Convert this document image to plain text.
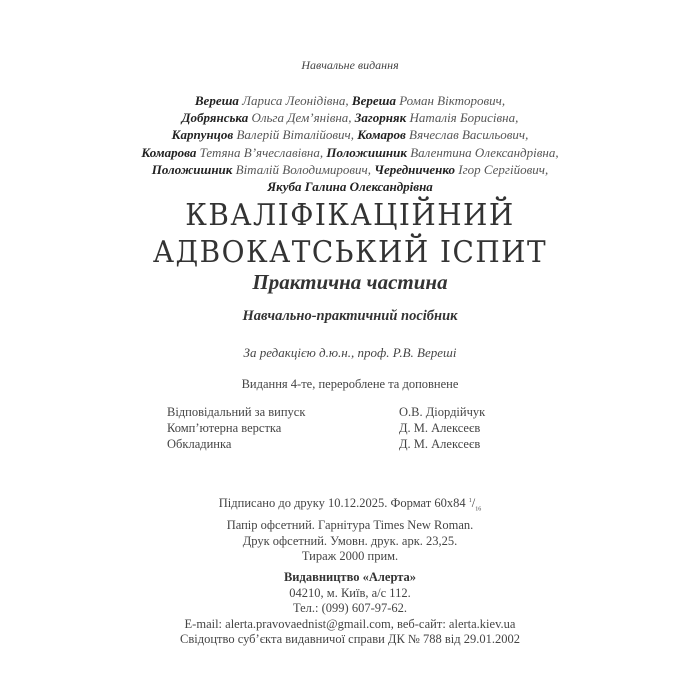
Навчальне видання
Вереша Лариса Леонідівна, Вереша Роман Вікторович,
Добрянська Ольга Дем’янівна, Загорняк Наталія Борисівна,
Карпунцов Валерій Віталійович, Комаров Вячеслав Васильович,
Комарова Тетяна В’ячеславівна, Положишник Валентина Олександрівна,
Положишник Віталій Володимирович, Чередниченко Ігор Сергійович,
Якуба Галина Олександрівна
КВАЛІФІКАЦІЙНИЙ
АДВОКАТСЬКИЙ ІСПИТ
Практична частина
Навчально-практичний посібник
За редакцією д.ю.н., проф. Р.В. Вереші
Видання 4-те, перероблене та доповнене
Відповідальний за випуск	О.В. Діордійчук
Комп’ютерна верстка	Д. М. Алексеєв
Обкладинка	Д. М. Алексеєв
Підписано до друку 10.12.2025. Формат 60х84 $^1/_{16}$
Папір офсетний. Гарнітура Times New Roman.
Друк офсетний. Умовн. друк. арк. 23,25.
Тираж 2000 прим.
Видавництво «Алерта»
04210, м. Київ, а/с 112.
Тел.: (099) 607-97-62.
E-mail: alerta.pravovaednist@gmail.com, веб-сайт: alerta.kiev.ua
Свідоцтво суб’єкта видавничої справи ДК № 788 від 29.01.2002
